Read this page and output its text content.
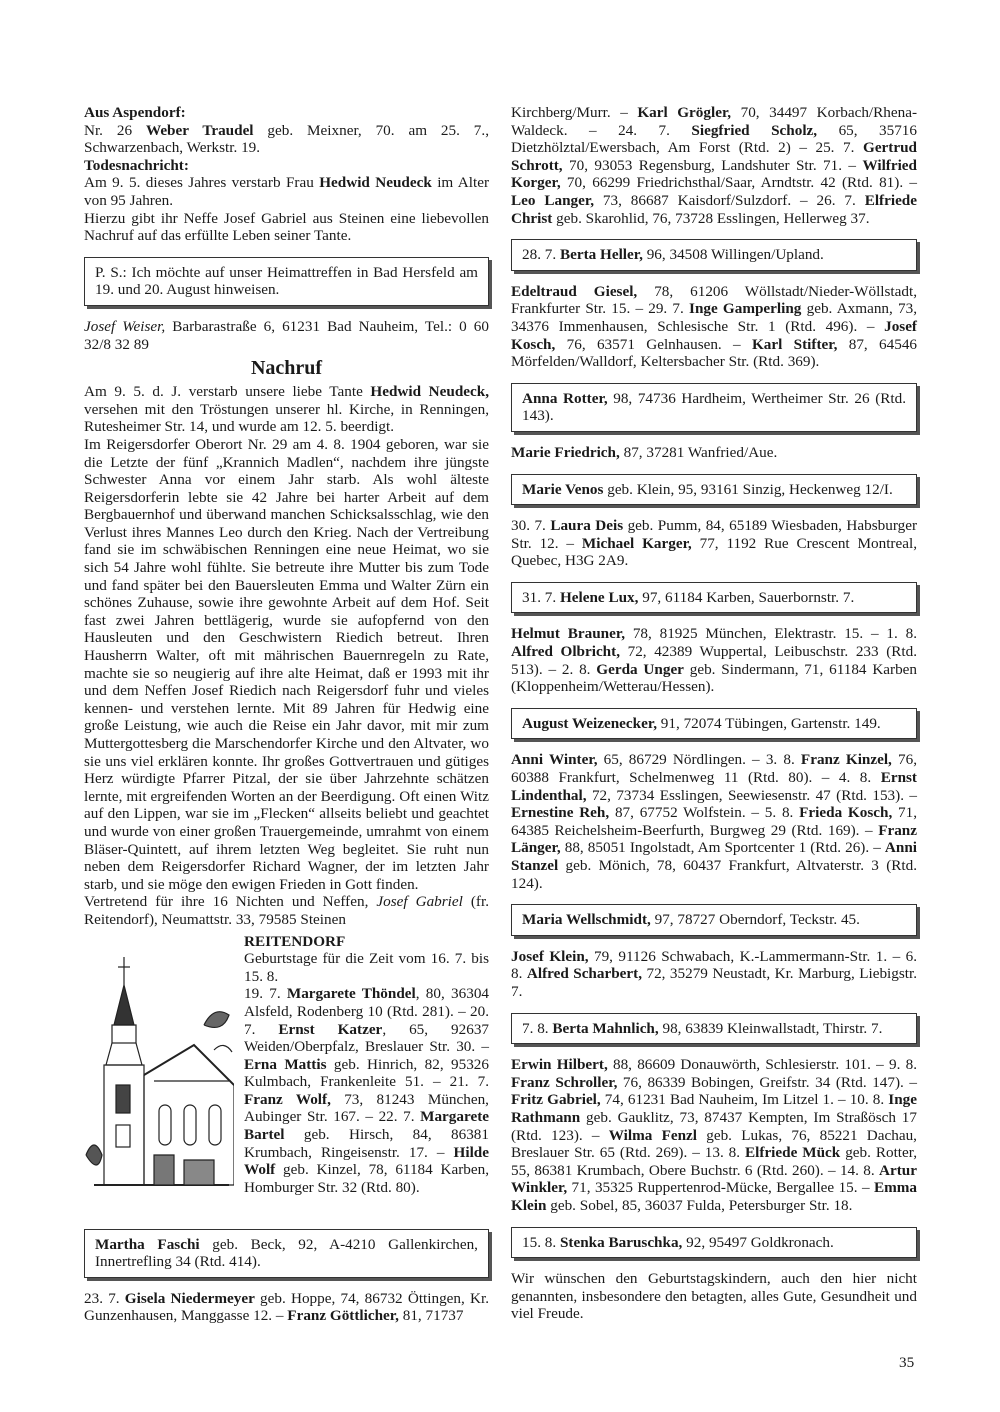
Aus Aspendorf:

Nr. 26 Weber Traudel geb. Meixner, 70. am 25. 7., Schwarzenbach, Werkstr. 19.

Todesnachricht:

Am 9. 5. dieses Jahres verstarb Frau Hedwid Neudeck im Alter von 95 Jahren.

Hierzu gibt ihr Neffe Josef Gabriel aus Steinen eine liebevollen Nachruf auf das erfüllte Leben seiner Tante.

P. S.: Ich möchte auf unser Heimattreffen in Bad Hersfeld am 19. und 20. August hinweisen.

Josef Weiser, Barbarastraße 6, 61231 Bad Nauheim, Tel.: 0 60 32/8 32 89

Nachruf

Am 9. 5. d. J. verstarb unsere liebe Tante Hedwid Neudeck, versehen mit den Tröstungen unserer hl. Kirche, in Renningen, Rutesheimer Str. 14, und wurde am 12. 5. beerdigt.

Im Reigersdorfer Oberort Nr. 29 am 4. 8. 1904 geboren, war sie die Letzte der fünf „Krannich Madlen“, nachdem ihre jüngste Schwester Anna vor einem Jahr starb. Als wohl älteste Reigersdorferin lebte sie 42 Jahre bei harter Arbeit auf dem Bergbauernhof und überwand manchen Schicksalsschlag, wie den Verlust ihres Mannes Leo durch den Krieg. Nach der Vertreibung fand sie im schwäbischen Renningen eine neue Heimat, wo sie sich 54 Jahre wohl fühlte. Sie betreute ihre Mutter bis zum Tode und fand später bei den Bauersleuten Emma und Walter Zürn ein schönes Zuhause, sowie ihre gewohnte Arbeit auf dem Hof. Seit fast zwei Jahren bettlägerig, wurde sie aufopfernd von den Hausleuten und den Geschwistern Riedich betreut. Ihren Hausherrn Walter, oft mit mährischen Bauernregeln zu Rate, machte sie so neugierig auf ihre alte Heimat, daß er 1993 mit ihr und dem Neffen Josef Riedich nach Reigersdorf fuhr und vieles kennen- und verstehen lernte. Mit 89 Jahren für Hedwig eine große Leistung, wie auch die Reise ein Jahr davor, mit mir zum Muttergottesberg die Marschendorfer Kirche und den Altvater, wo sie uns viel erklären konnte. Ihr großes Gottvertrauen und gütiges Herz würdigte Pfarrer Pitzal, der sie über Jahrzehnte schätzen lernte, mit ergreifenden Worten an der Beerdigung. Oft einen Witz auf den Lippen, war sie im „Flecken“ allseits beliebt und geachtet und wurde von einer großen Trauergemeinde, umrahmt von einem Bläser-Quintett, auf ihrem letzten Weg begleitet. Sie ruht nun neben dem Reigersdorfer Richard Wagner, der im letzten Jahr starb, und sie möge den ewigen Frieden in Gott finden.

Vertretend für ihre 16 Nichten und Neffen, Josef Gabriel (fr. Reitendorf), Neumattstr. 33, 79585 Steinen

REITENDORF

Geburtstage für die Zeit vom 16. 7. bis 15. 8.

19. 7. Margarete Thöndel, 80, 36304 Alsfeld, Rodenberg 10 (Rtd. 281). – 20. 7. Ernst Katzer, 65, 92637 Weiden/Oberpfalz, Breslauer Str. 30. – Erna Mattis geb. Hinrich, 82, 95326 Kulmbach, Frankenleite 51. – 21. 7. Franz Wolf, 73, 81243 München, Aubinger Str. 167. – 22. 7. Margarete Bartel geb. Hirsch, 84, 86381 Krumbach, Ringeisenstr. 17. – Hilde Wolf geb. Kinzel, 78, 61184 Karben, Homburger Str. 32 (Rtd. 80).

Martha Faschi geb. Beck, 92, A-4210 Gallenkirchen, Innertrefling 34 (Rtd. 414).

23. 7. Gisela Niedermeyer geb. Hoppe, 74, 86732 Öttingen, Kr. Gunzenhausen, Manggasse 12. – Franz Göttlicher, 81, 71737

Kirchberg/Murr. – Karl Grögler, 70, 34497 Korbach/Rhena-Waldeck. – 24. 7. Siegfried Scholz, 65, 35716 Dietzhölztal/Ewersbach, Am Forst (Rtd. 2) – 25. 7. Gertrud Schrott, 70, 93053 Regensburg, Landshuter Str. 71. – Wilfried Korger, 70, 66299 Friedrichsthal/Saar, Arndtstr. 42 (Rtd. 81). – Leo Langer, 73, 86687 Kaisdorf/Sulzdorf. – 26. 7. Elfriede Christ geb. Skarohlid, 76, 73728 Esslingen, Hellerweg 37.

28. 7. Berta Heller, 96, 34508 Willingen/Upland.

Edeltraud Giesel, 78, 61206 Wöllstadt/Nieder-Wöllstadt, Frankfurter Str. 15. – 29. 7. Inge Gamperling geb. Axmann, 73, 34376 Immenhausen, Schlesische Str. 1 (Rtd. 496). – Josef Kosch, 76, 63571 Gelnhausen. – Karl Stifter, 87, 64546 Mörfelden/Walldorf, Keltersbacher Str. (Rtd. 369).

Anna Rotter, 98, 74736 Hardheim, Wertheimer Str. 26 (Rtd. 143).

Marie Friedrich, 87, 37281 Wanfried/Aue.

Marie Venos geb. Klein, 95, 93161 Sinzig, Heckenweg 12/I.

30. 7. Laura Deis geb. Pumm, 84, 65189 Wiesbaden, Habsburger Str. 12. – Michael Karger, 77, 1192 Rue Crescent Montreal, Quebec, H3G 2A9.

31. 7. Helene Lux, 97, 61184 Karben, Sauerbornstr. 7.

Helmut Brauner, 78, 81925 München, Elektrastr. 15. – 1. 8. Alfred Olbricht, 72, 42389 Wuppertal, Leibuschstr. 233 (Rtd. 513). – 2. 8. Gerda Unger geb. Sindermann, 71, 61184 Karben (Kloppenheim/Wetterau/Hessen).

August Weizenecker, 91, 72074 Tübingen, Gartenstr. 149.

Anni Winter, 65, 86729 Nördlingen. – 3. 8. Franz Kinzel, 76, 60388 Frankfurt, Schelmenweg 11 (Rtd. 80). – 4. 8. Ernst Lindenthal, 72, 73734 Esslingen, Seewiesenstr. 47 (Rtd. 153). – Ernestine Reh, 87, 67752 Wolfstein. – 5. 8. Frieda Kosch, 71, 64385 Reichelsheim-Beerfurth, Burgweg 29 (Rtd. 169). – Franz Länger, 88, 85051 Ingolstadt, Am Sportcenter 1 (Rtd. 26). – Anni Stanzel geb. Mönich, 78, 60437 Frankfurt, Altvaterstr. 3 (Rtd. 124).

Maria Wellschmidt, 97, 78727 Oberndorf, Teckstr. 45.

Josef Klein, 79, 91126 Schwabach, K.-Lammermann-Str. 1. – 6. 8. Alfred Scharbert, 72, 35279 Neustadt, Kr. Marburg, Liebigstr. 7.

7. 8. Berta Mahnlich, 98, 63839 Kleinwallstadt, Thirstr. 7.

Erwin Hilbert, 88, 86609 Donauwörth, Schlesierstr. 101. – 9. 8. Franz Schroller, 76, 86339 Bobingen, Greifstr. 34 (Rtd. 147). – Fritz Gabriel, 74, 61231 Bad Nauheim, Im Litzel 1. – 10. 8. Inge Rathmann geb. Gauklitz, 73, 87437 Kempten, Im Straßösch 17 (Rtd. 123). – Wilma Fenzl geb. Lukas, 76, 85221 Dachau, Breslauer Str. 65 (Rtd. 269). – 13. 8. Elfriede Mück geb. Rotter, 55, 86381 Krumbach, Obere Buchstr. 6 (Rtd. 260). – 14. 8. Artur Winkler, 71, 35325 Ruppertenrod-Mücke, Bergallee 15. – Emma Klein geb. Sobel, 85, 36037 Fulda, Petersburger Str. 18.

15. 8. Stenka Baruschka, 92, 95497 Goldkronach.

Wir wünschen den Geburtstagskindern, auch den hier nicht genannten, insbesondere den betagten, alles Gute, Gesundheit und viel Freude.

35
